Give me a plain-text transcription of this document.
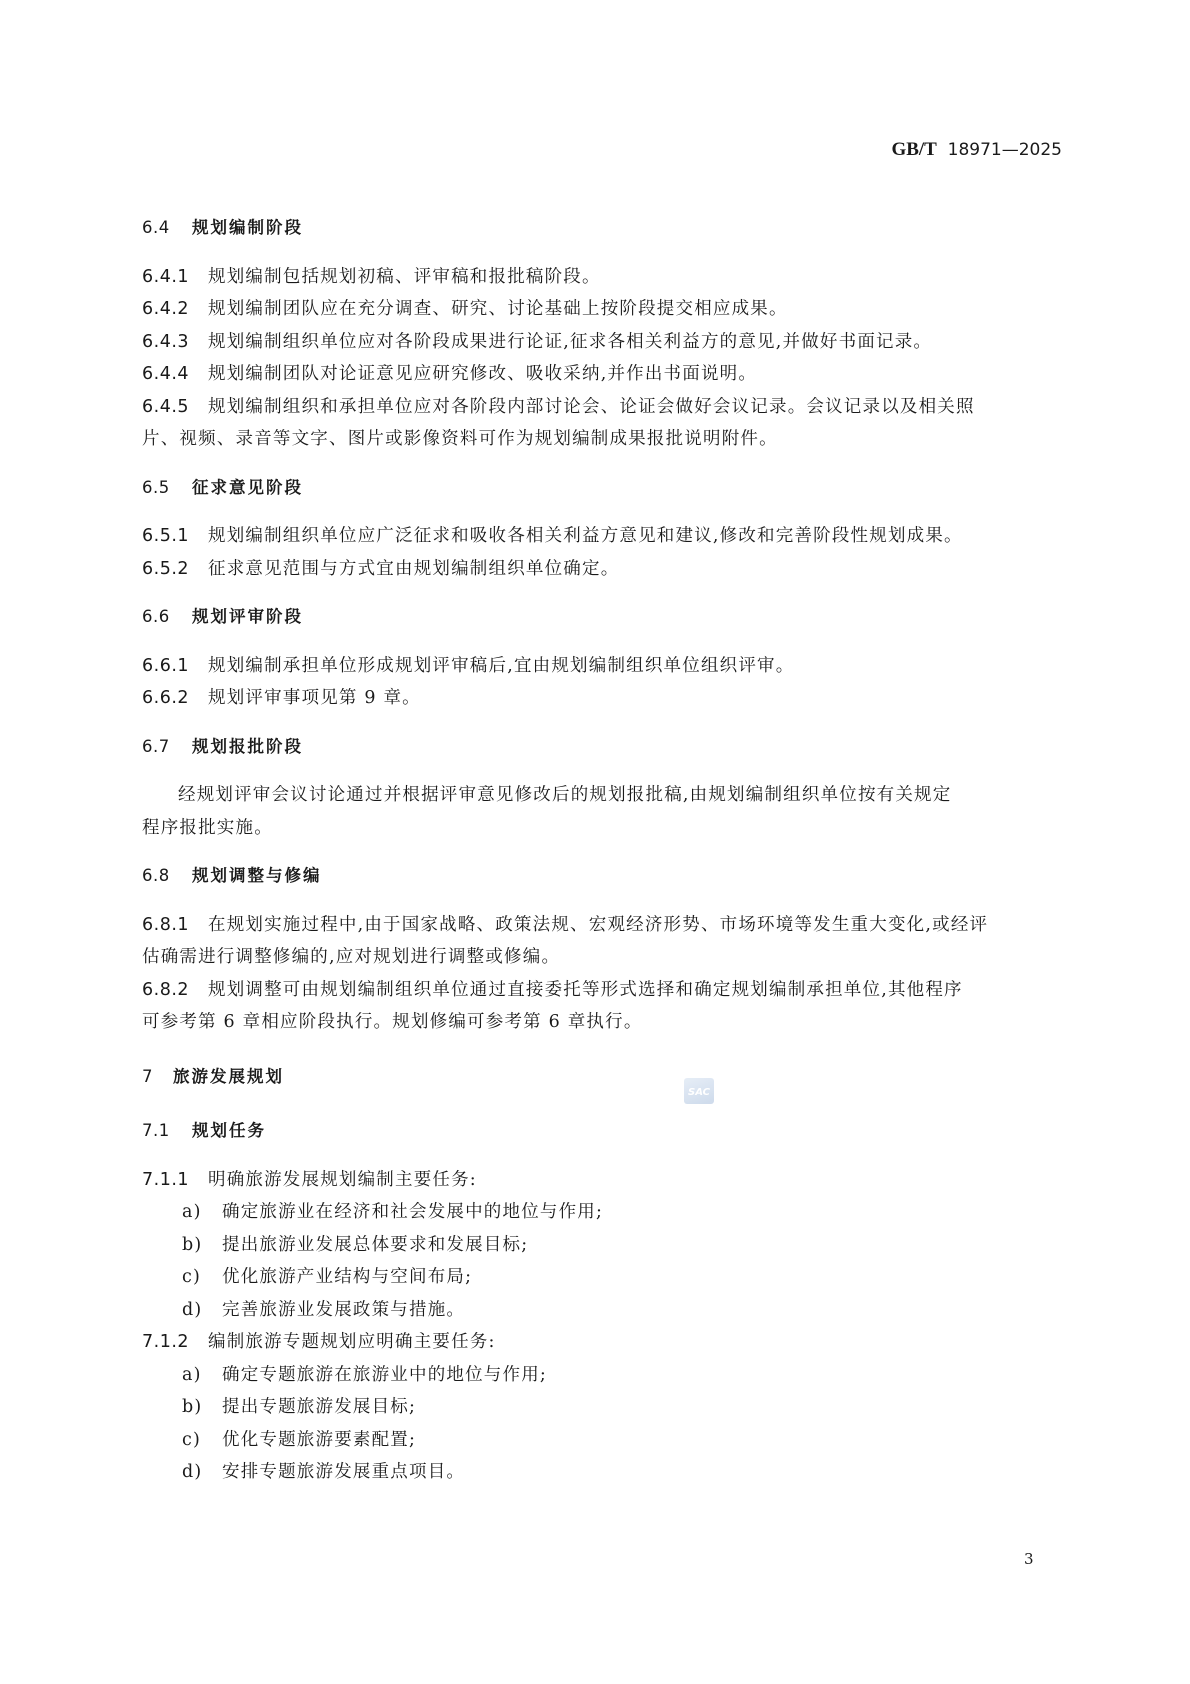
GB/T 18971—2025
6.4 规划编制阶段
6.4.1 规划编制包括规划初稿、评审稿和报批稿阶段。
6.4.2 规划编制团队应在充分调查、研究、讨论基础上按阶段提交相应成果。
6.4.3 规划编制组织单位应对各阶段成果进行论证,征求各相关利益方的意见,并做好书面记录。
6.4.4 规划编制团队对论证意见应研究修改、吸收采纳,并作出书面说明。
6.4.5 规划编制组织和承担单位应对各阶段内部讨论会、论证会做好会议记录。会议记录以及相关照
片、视频、录音等文字、图片或影像资料可作为规划编制成果报批说明附件。
6.5 征求意见阶段
6.5.1 规划编制组织单位应广泛征求和吸收各相关利益方意见和建议,修改和完善阶段性规划成果。
6.5.2 征求意见范围与方式宜由规划编制组织单位确定。
6.6 规划评审阶段
6.6.1 规划编制承担单位形成规划评审稿后,宜由规划编制组织单位组织评审。
6.6.2 规划评审事项见第 9 章。
6.7 规划报批阶段
经规划评审会议讨论通过并根据评审意见修改后的规划报批稿,由规划编制组织单位按有关规定
程序报批实施。
6.8 规划调整与修编
6.8.1 在规划实施过程中,由于国家战略、政策法规、宏观经济形势、市场环境等发生重大变化,或经评
估确需进行调整修编的,应对规划进行调整或修编。
6.8.2 规划调整可由规划编制组织单位通过直接委托等形式选择和确定规划编制承担单位,其他程序
可参考第 6 章相应阶段执行。规划修编可参考第 6 章执行。
7 旅游发展规划
7.1 规划任务
7.1.1 明确旅游发展规划编制主要任务:
a) 确定旅游业在经济和社会发展中的地位与作用;
b) 提出旅游业发展总体要求和发展目标;
c) 优化旅游产业结构与空间布局;
d) 完善旅游业发展政策与措施。
7.1.2 编制旅游专题规划应明确主要任务:
a) 确定专题旅游在旅游业中的地位与作用;
b) 提出专题旅游发展目标;
c) 优化专题旅游要素配置;
d) 安排专题旅游发展重点项目。
SAC
3
